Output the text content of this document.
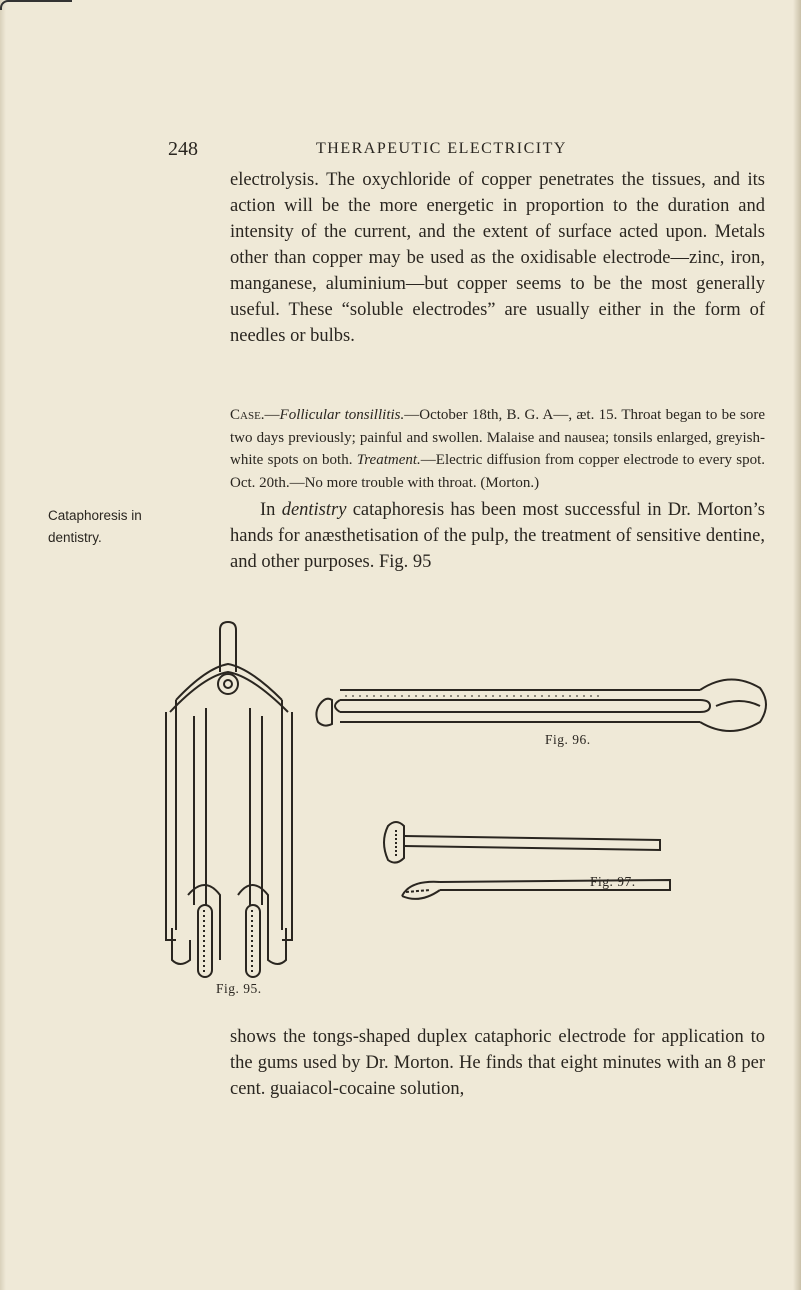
248	THERAPEUTIC ELECTRICITY
electrolysis. The oxychloride of copper penetrates the tissues, and its action will be the more energetic in proportion to the duration and intensity of the current, and the extent of surface acted upon. Metals other than copper may be used as the oxidisable electrode—zinc, iron, manganese, aluminium—but copper seems to be the most generally useful. These “soluble electrodes” are usually either in the form of needles or bulbs.
Case.—Follicular tonsillitis.—October 18th, B. G. A—, æt. 15. Throat began to be sore two days previously; painful and swollen. Malaise and nausea; tonsils enlarged, greyish-white spots on both. Treatment.—Electric diffusion from copper electrode to every spot. Oct. 20th.—No more trouble with throat. (Morton.)
Cataphoresis in dentistry.
In dentistry cataphoresis has been most successful in Dr. Morton’s hands for anæsthetisation of the pulp, the treatment of sensitive dentine, and other purposes. Fig. 95
Fig. 95.
Fig. 96.
Fig. 97.
shows the tongs-shaped duplex cataphoric electrode for application to the gums used by Dr. Morton. He finds that eight minutes with an 8 per cent. guaiacol-cocaine solution,
